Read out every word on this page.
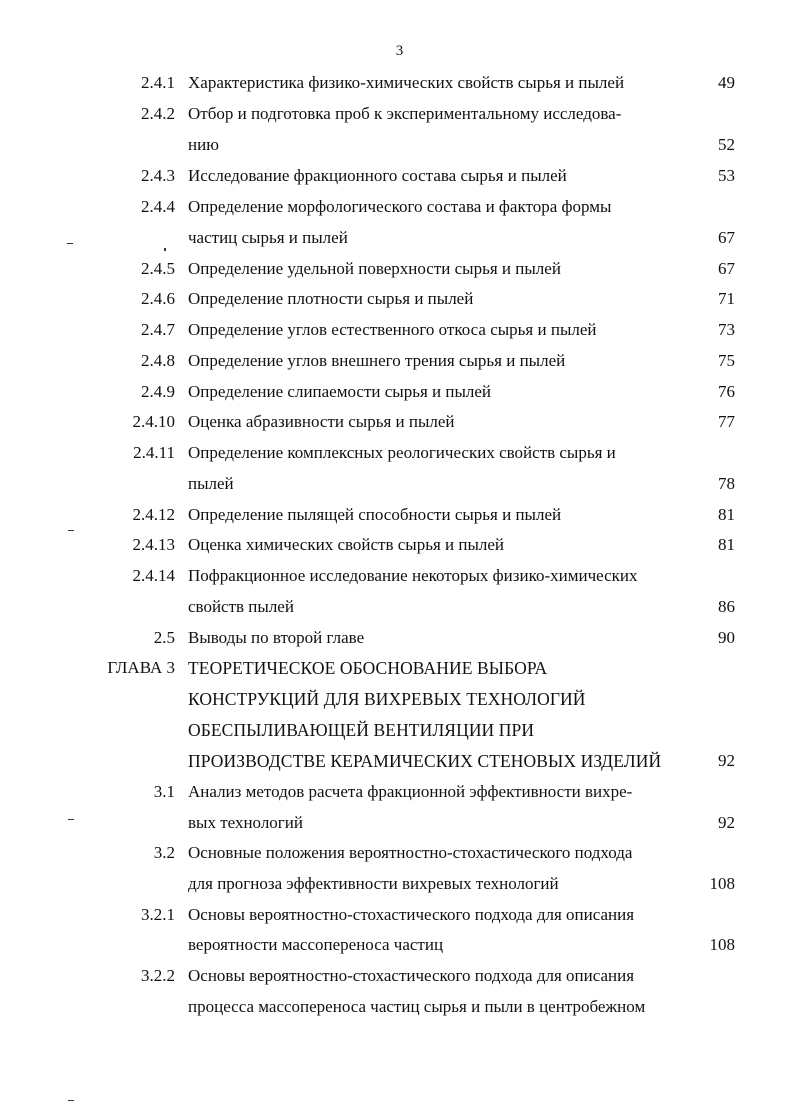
3
2.4.1 Характеристика физико-химических свойств сырья и пылей	49
2.4.2 Отбор и подготовка проб к экспериментальному исследова-
нию	52
2.4.3 Исследование фракционного состава сырья и пылей	53
2.4.4 Определение морфологического состава и фактора формы
частиц сырья и пылей	67
2.4.5 Определение удельной поверхности сырья и пылей	67
2.4.6 Определение плотности сырья и пылей	71
2.4.7 Определение углов естественного откоса сырья и пылей	73
2.4.8 Определение углов внешнего трения сырья и пылей	75
2.4.9 Определение слипаемости сырья и пылей	76
2.4.10 Оценка абразивности сырья и пылей	77
2.4.11 Определение комплексных реологических свойств сырья и
пылей	78
2.4.12 Определение пылящей способности сырья и пылей	81
2.4.13 Оценка химических свойств сырья и пылей	81
2.4.14 Пофракционное исследование некоторых физико-химических
свойств пылей	86
2.5 Выводы по второй главе	90
ГЛАВА 3 ТЕОРЕТИЧЕСКОЕ ОБОСНОВАНИЕ ВЫБОРА
КОНСТРУКЦИЙ ДЛЯ ВИХРЕВЫХ ТЕХНОЛОГИЙ
ОБЕСПЫЛИВАЮЩЕЙ ВЕНТИЛЯЦИИ ПРИ
ПРОИЗВОДСТВЕ КЕРАМИЧЕСКИХ СТЕНОВЫХ ИЗДЕЛИЙ	92
3.1 Анализ методов расчета фракционной эффективности вихре-
вых технологий	92
3.2 Основные положения вероятностно-стохастического подхода
для прогноза эффективности вихревых технологий	108
3.2.1 Основы вероятностно-стохастического подхода для описания
вероятности массопереноса частиц	108
3.2.2 Основы вероятностно-стохастического подхода для описания
процесса массопереноса частиц сырья и пыли в центробежном
